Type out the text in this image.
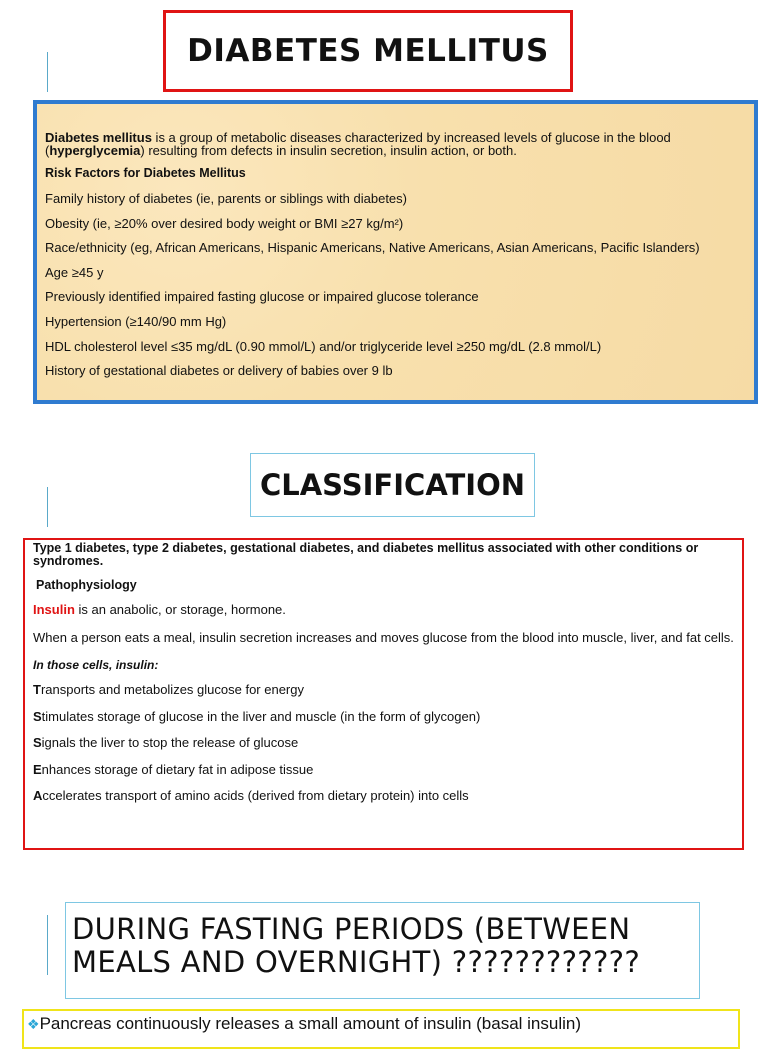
DIABETES MELLITUS

Diabetes mellitus is a group of metabolic diseases characterized by increased levels of glucose in the blood
(hyperglycemia) resulting from defects in insulin secretion, insulin action, or both.

Risk Factors for Diabetes Mellitus

Family history of diabetes (ie, parents or siblings with diabetes)
Obesity (ie, ≥20% over desired body weight or BMI ≥27 kg/m²)
Race/ethnicity (eg, African Americans, Hispanic Americans, Native Americans, Asian Americans, Pacific Islanders)
Age ≥45 y
Previously identified impaired fasting glucose or impaired glucose tolerance
Hypertension (≥140/90 mm Hg)
HDL cholesterol level ≤35 mg/dL (0.90 mmol/L) and/or triglyceride level ≥250 mg/dL (2.8 mmol/L)
History of gestational diabetes or delivery of babies over 9 lb
CLASSIFICATION

Type 1 diabetes, type 2 diabetes, gestational diabetes, and diabetes mellitus associated with other conditions or syndromes.

Pathophysiology

Insulin is an anabolic, or storage, hormone.

When a person eats a meal, insulin secretion increases and moves glucose from the blood into muscle, liver, and fat cells.

In those cells, insulin:

Transports and metabolizes glucose for energy
Stimulates storage of glucose in the liver and muscle (in the form of glycogen)
Signals the liver to stop the release of glucose
Enhances storage of dietary fat in adipose tissue
Accelerates transport of amino acids (derived from dietary protein) into cells
DURING FASTING PERIODS (BETWEEN
MEALS AND OVERNIGHT) ????????????
❖Pancreas continuously releases a small amount of insulin (basal insulin)
